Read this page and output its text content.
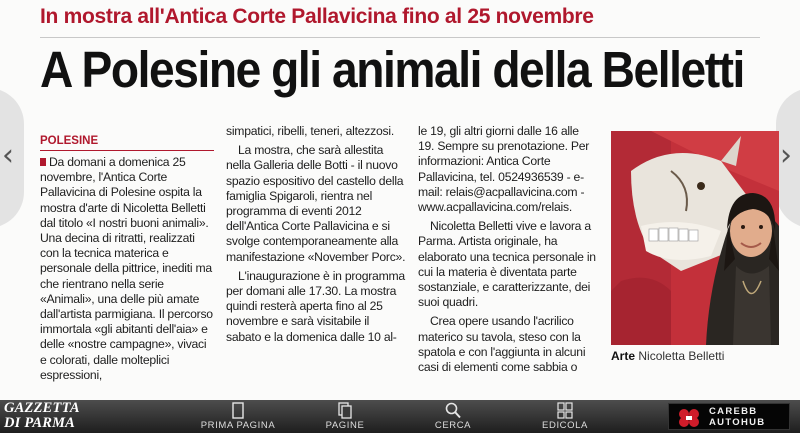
In mostra all'Antica Corte Pallavicina fino al 25 novembre
A Polesine gli animali della Belletti
‹	›
POLESINE

Da domani a domenica 25 novembre, l'Antica Corte Pallavicina di Polesine ospita la mostra d'arte di Nicoletta Belletti dal titolo «I nostri buoni animali». Una decina di ritratti, realizzati con la tecnica materica e personale della pittrice, inediti ma che rientrano nella serie «Animali», una delle più amate dall'artista parmigiana. Il percorso immortala «gli abitanti dell'aia» e delle «nostre campagne», vivaci e colorati, dalle molteplici espressioni,

simpatici, ribelli, teneri, altezzosi.

La mostra, che sarà allestita nella Galleria delle Botti - il nuovo spazio espositivo del castello della famiglia Spigaroli, rientra nel programma di eventi 2012 dell'Antica Corte Pallavicina e si svolge contemporaneamente alla manifestazione «November Porc».

L'inaugurazione è in programma per domani alle 17.30. La mostra quindi resterà aperta fino al 25 novembre e sarà visitabile il sabato e la domenica dalle 10 al-

le 19, gli altri giorni dalle 16 alle 19. Sempre su prenotazione. Per informazioni: Antica Corte Pallavicina, tel. 0524936539 - e-mail: relais@acpallavicina.com - www.acpallavicina.com/relais.

Nicoletta Belletti vive e lavora a Parma. Artista originale, ha elaborato una tecnica personale in cui la materia è diventata parte sostanziale, e caratterizzante, dei suoi quadri.

Crea opere usando l'acrilico materico su tavola, steso con la spatola e con l'aggiunta in alcuni casi di elementi come sabbia o

Arte Nicoletta Belletti
GAZZETTA
DI PARMA	PRIMA PAGINA	PAGINE	CERCA	EDICOLA
CAREBB
AUTOHUB
